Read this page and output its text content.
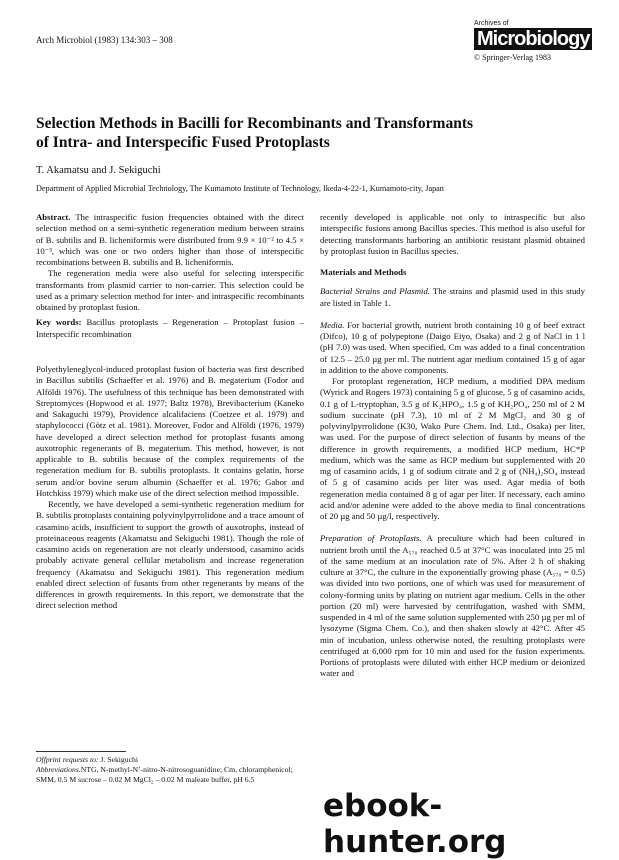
Arch Microbiol (1983) 134:303 – 308
Archives of
Microbiology
© Springer-Verlag 1983
Selection Methods in Bacilli for Recombinants and Transformants
of Intra- and Interspecific Fused Protoplasts
T. Akamatsu and J. Sekiguchi
Department of Applied Microbial Technology, The Kumamoto Institute of Technology, Ikeda-4-22-1, Kumamoto-city, Japan

Abstract. The intraspecific fusion frequencies obtained with the direct selection method on a semi-synthetic regeneration medium between strains of B. subtilis and B. licheniformis were distributed from 9.9 × 10⁻² to 4.5 × 10⁻³, which was one or two orders higher than those of interspecific recombinations between B. subtilis and B. licheniformis.

The regeneration media were also useful for selecting interspecific transformants from plasmid carrier to non-carrier. This selection could be used as a primary selection method for inter- and intraspecific recombinants obtained by protoplast fusion.

Key words: Bacillus protoplasts – Regeneration – Protoplast fusion – Interspecific recombination

Polyethyleneglycol-induced protoplast fusion of bacteria was first described in Bacillus subtilis (Schaeffer et al. 1976) and B. megaterium (Fodor and Alföldi 1976). The usefulness of this technique has been demonstrated with Streptomyces (Hopwood et al. 1977; Baltz 1978), Brevibacterium (Kaneko and Sakaguchi 1979), Providence alcalifaciens (Coetzee et al. 1979) and staphylococci (Götz et al. 1981). Moreover, Fodor and Alföldi (1976, 1979) have developed a direct selection method for protoplast fusants among auxotrophic regenerants of B. megaterium. This method, however, is not applicable to B. subtilis because of the complex requirements of the regeneration medium for B. subtilis protoplasts. It contains gelatin, horse serum and/or bovine serum albumin (Schaeffer et al. 1976; Gabor and Hotchkiss 1979) which make use of the direct selection method impossible.

Recently, we have developed a semi-synthetic regeneration medium for B. subtilis protoplasts containing polyvinylpyrrolidone and a trace amount of casamino acids, insufficient to support the growth of auxotrophs, instead of proteinaceous reagents (Akamatsu and Sekiguchi 1981). Though the role of casamino acids on regeneration are not clearly understood, casamino acids probably activate general cellular metabolism and increase regeneration frequency (Akamatsu and Sekiguchi 1981). This regeneration medium enabled direct selection of fusants from other regenerants by means of the differences in growth requirements. In this report, we demonstrate that the direct selection method

Offprint requests to: J. Sekiguchi
Abbreviations.NTG, N-methyl-N’-nitro-N-nitrosoguanidine; Cm, chloramphenicol; SMM, 0.5 M sucrose – 0.02 M MgCl₂ – 0.02 M maleate buffer, pH 6.5

recently developed is applicable not only to intraspecific but also interspecific fusions among Bacillus species. This method is also useful for detecting transformants harboring an antibiotic resistant plasmid obtained by protoplast fusion in Bacillus species.

Materials and Methods

Bacterial Strains and Plasmid. The strains and plasmid used in this study are listed in Table 1.

Media. For bacterial growth, nutrient broth containing 10 g of beef extract (Difco), 10 g of polypeptone (Daigo Eiyo, Osaka) and 2 g of NaCl in 1 l (pH 7.0) was used. When specified, Cm was added to a final concentration of 12.5 – 25.0 µg per ml. The nutrient agar medium contained 15 g of agar in addition to the above components.

For protoplast regeneration, HCP medium, a modified DPA medium (Wyrick and Rogers 1973) containing 5 g of glucose, 5 g of casamino acids, 0.1 g of L-tryptophan, 3.5 g of K₂HPO₄, 1.5 g of KH₂PO₄, 250 ml of 2 M sodium succinate (pH 7.3), 10 ml of 2 M MgCl₂ and 30 g of polyvinylpyrrolidone (K30, Wako Pure Chem. Ind. Ltd., Osaka) per liter, was used. For the purpose of direct selection of fusants by means of the difference in growth requirements, a modified HCP medium, HC*P medium, which was the same as HCP medium but supplemented with 20 mg of casamino acids, 1 g of sodium citrate and 2 g of (NH₄)₂SO₄ instead of 5 g of casamino acids per liter was used. Agar media of both regeneration media contained 8 g of agar per liter. If necessary, each amino acid and/or adenine were added to the above media to final concentrations of 20 µg and 50 µg/l, respectively.

Preparation of Protoplasts. A preculture which had been cultured in nutrient broth until the A₅₇₀ reached 0.5 at 37°C was inoculated into 25 ml of the same medium at an inoculation rate of 5%. After 2 h of shaking culture at 37°C, the culture in the exponentially growing phase (A₅₇₀ = 0.5) was divided into two portions, one of which was used for measurement of colony-forming units by plating on nutrient agar medium. Cells in the other portion (20 ml) were harvested by centrifugation, washed with SMM, suspended in 4 ml of the same solution supplemented with 250 µg per ml of lysozyme (Sigma Chem. Co.), and then shaken slowly at 42°C. After 45 min of incubation, unless otherwise noted, the resulting protoplasts were centrifuged at 6,000 rpm for 10 min and used for the fusion experiments. Portions of protoplasts were diluted with either HCP medium or deionized water and

ebook-hunter.org
